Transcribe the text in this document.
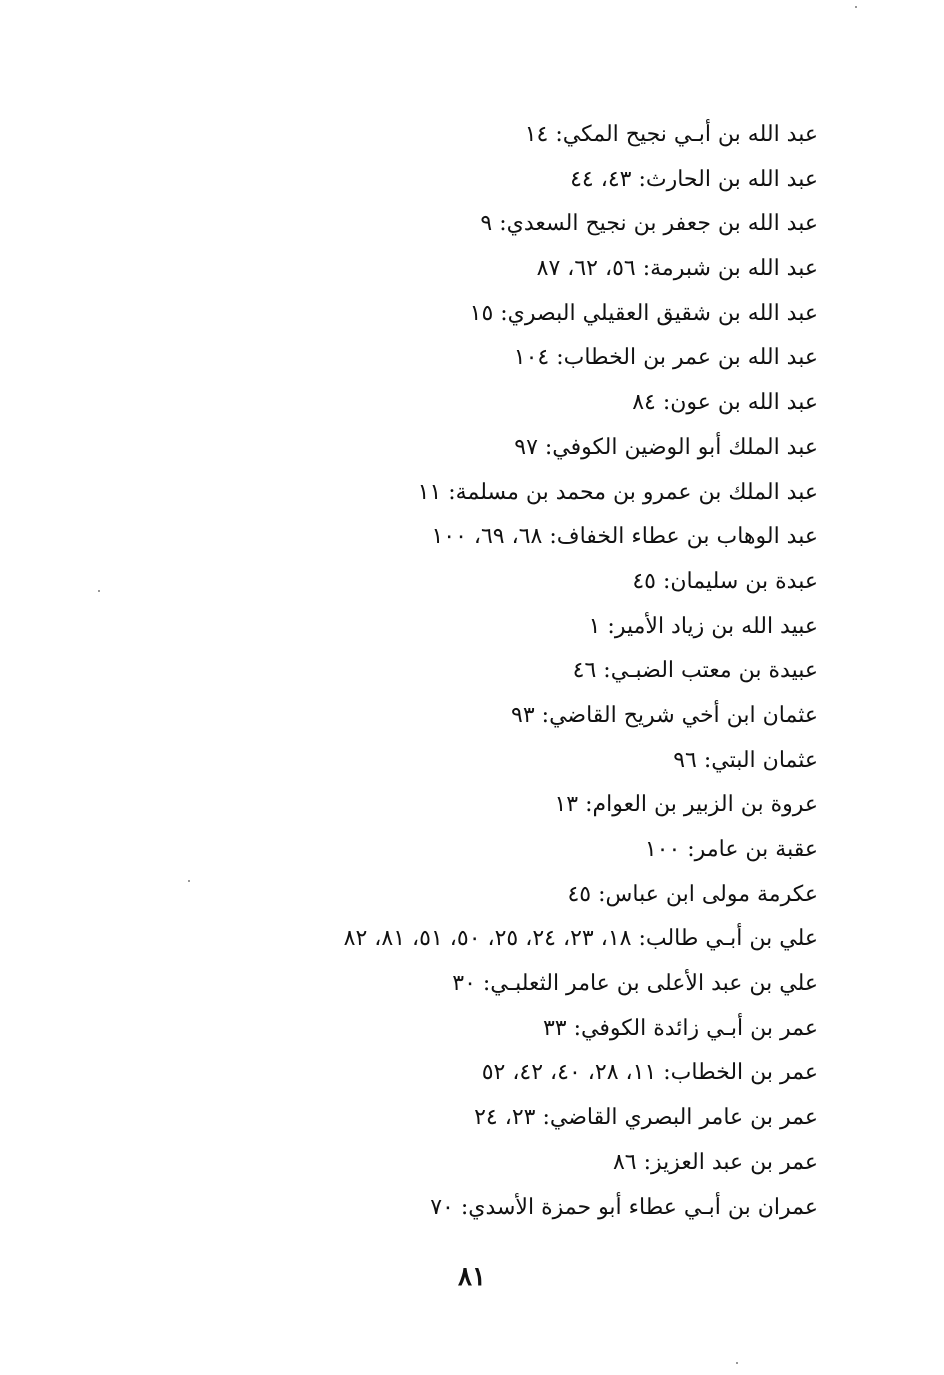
عبد الله بن أبـي نجيح المكي: ١٤
عبد الله بن الحارث: ٤٣، ٤٤
عبد الله بن جعفر بن نجيح السعدي: ٩
عبد الله بن شبرمة: ٥٦، ٦٢، ٨٧
عبد الله بن شقيق العقيلي البصري: ١٥
عبد الله بن عمر بن الخطاب: ١٠٤
عبد الله بن عون: ٨٤
عبد الملك أبو الوضين الكوفي: ٩٧
عبد الملك بن عمرو بن محمد بن مسلمة: ١١
عبد الوهاب بن عطاء الخفاف: ٦٨، ٦٩، ١٠٠
عبدة بن سليمان: ٤٥
عبيد الله بن زياد الأمير: ١
عبيدة بن معتب الضبـي: ٤٦
عثمان ابن أخي شريح القاضي: ٩٣
عثمان البتي: ٩٦
عروة بن الزبير بن العوام: ١٣
عقبة بن عامر: ١٠٠
عكرمة مولى ابن عباس: ٤٥
علي بن أبـي طالب: ١٨، ٢٣، ٢٤، ٢٥، ٥٠، ٥١، ٨١، ٨٢
علي بن عبد الأعلى بن عامر الثعلبـي: ٣٠
عمر بن أبـي زائدة الكوفي: ٣٣
عمر بن الخطاب: ١١، ٢٨، ٤٠، ٤٢، ٥٢
عمر بن عامر البصري القاضي: ٢٣، ٢٤
عمر بن عبد العزيز: ٨٦
عمران بن أبـي عطاء أبو حمزة الأسدي: ٧٠
٨١
